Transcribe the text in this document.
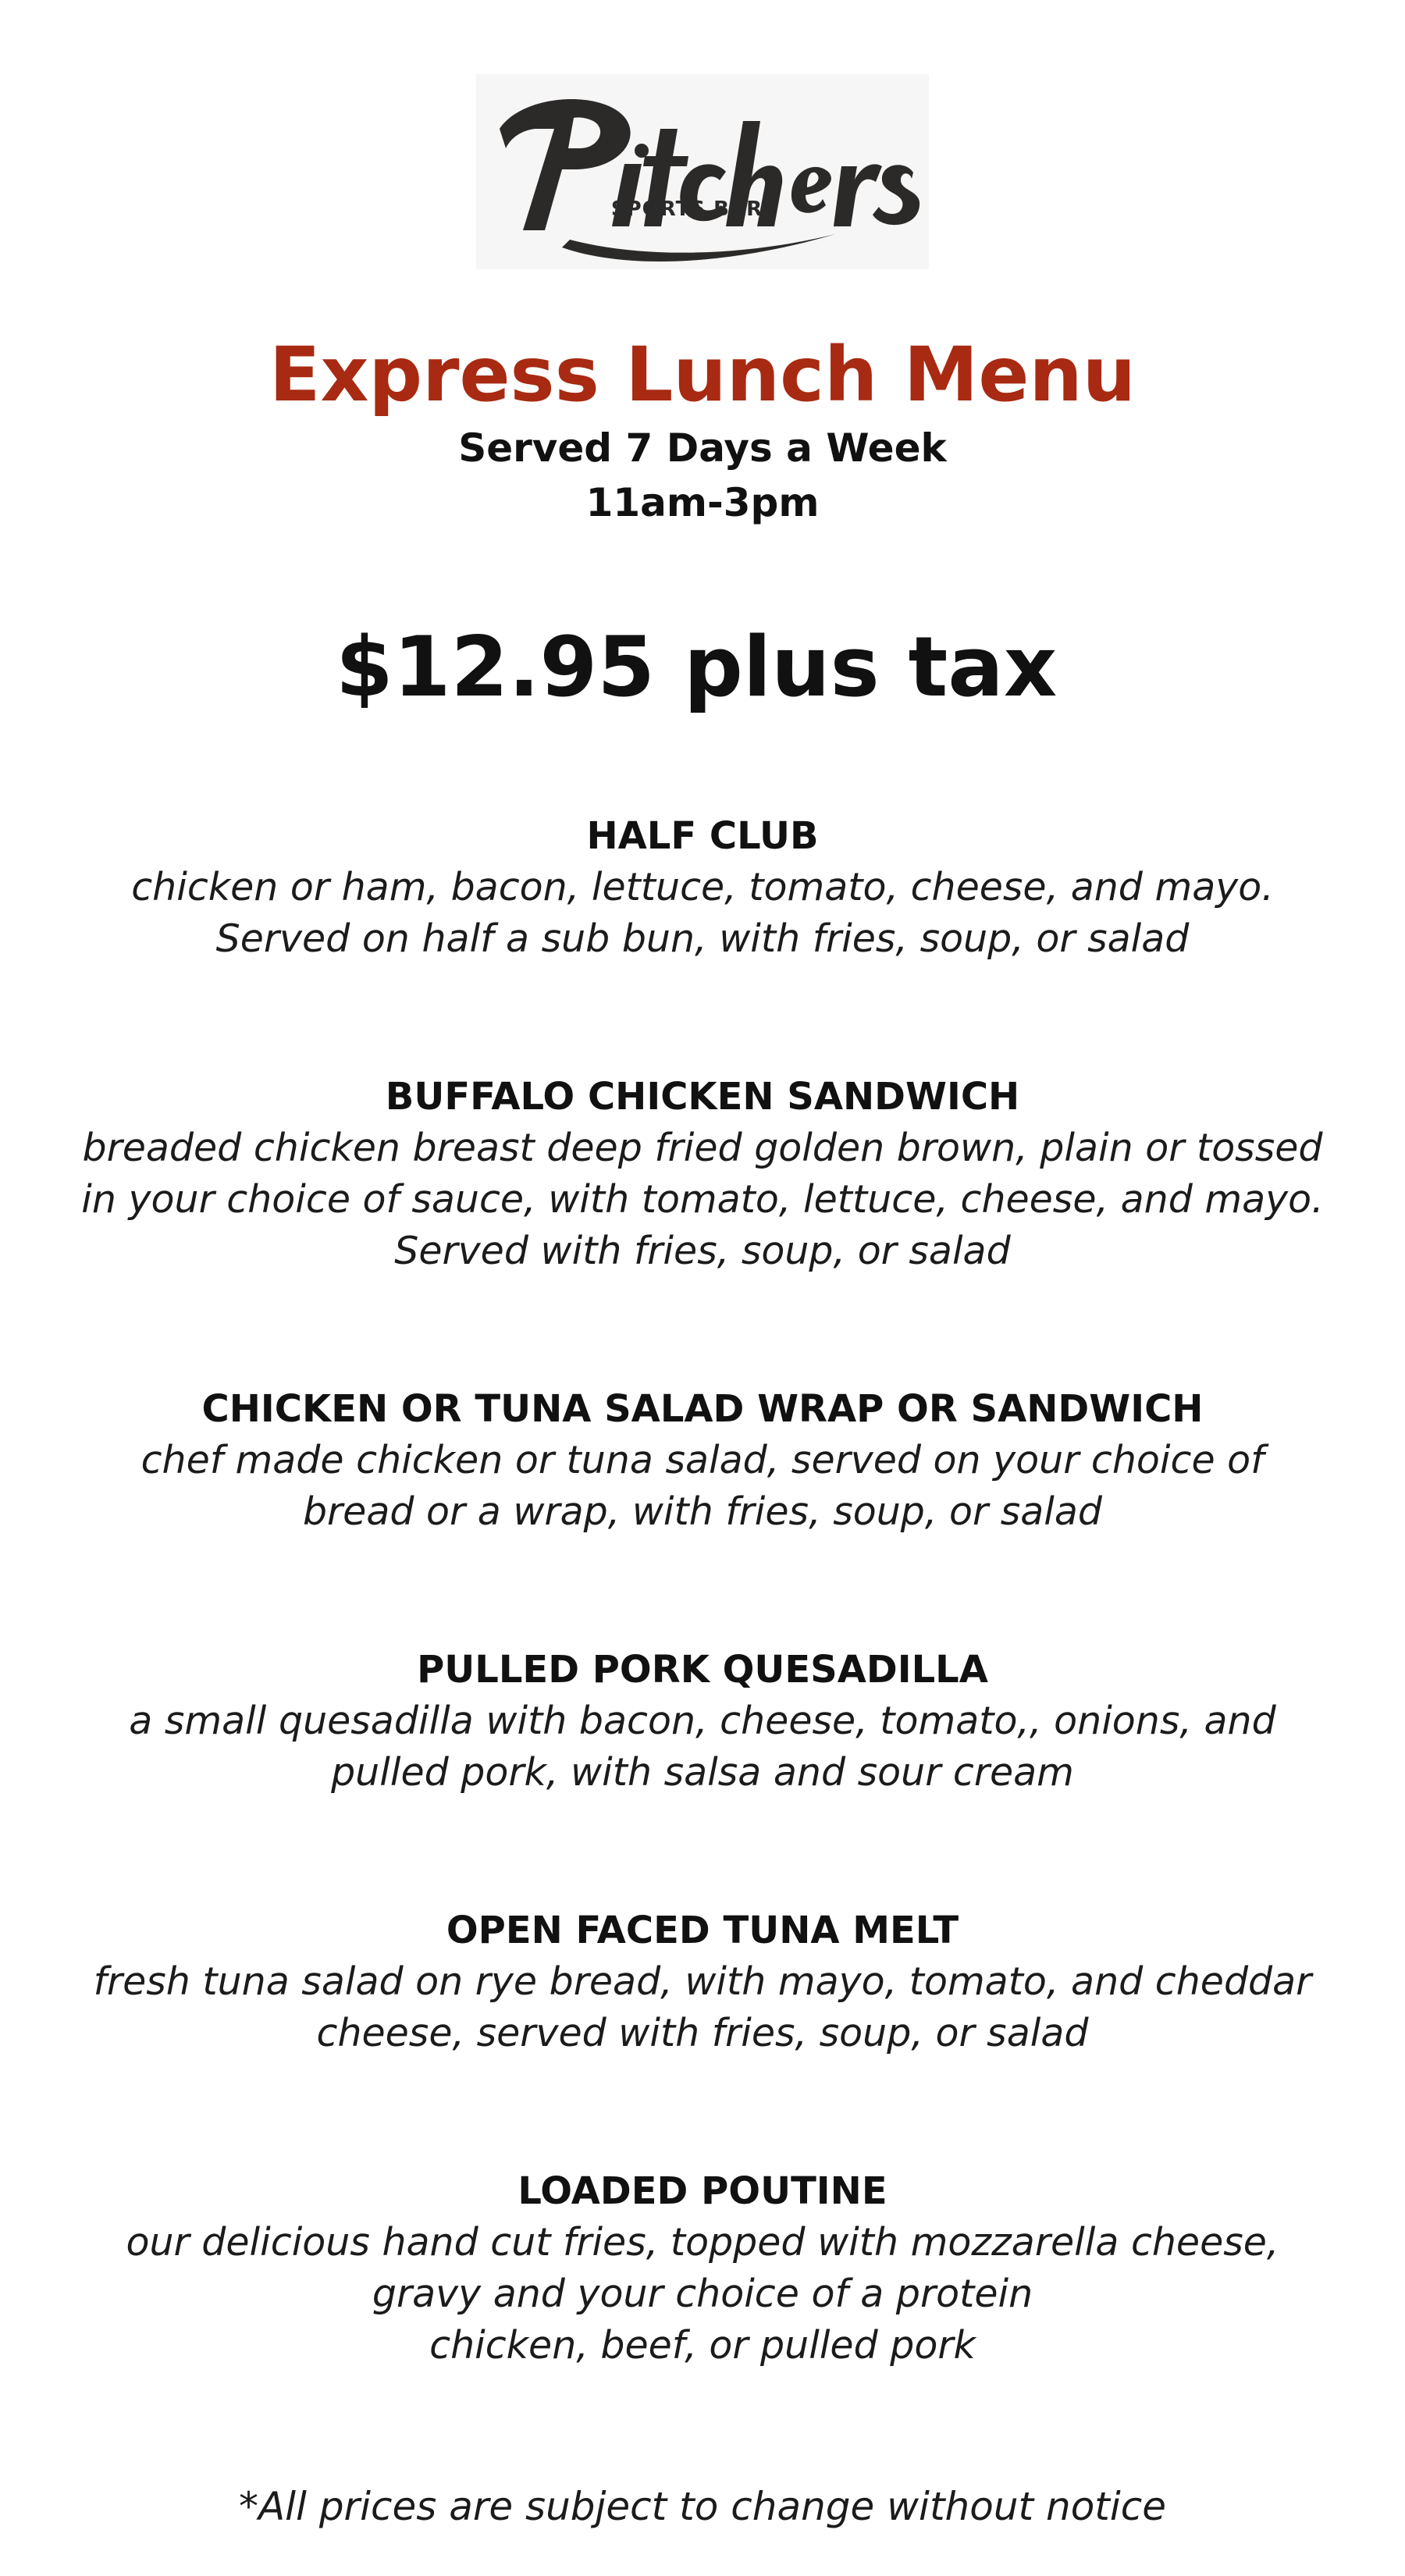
SPORTS BAR
Express Lunch Menu
Served 7 Days a Week
11am-3pm
$12.95 plus tax
HALF CLUB
chicken or ham, bacon, lettuce, tomato, cheese, and mayo.
Served on half a sub bun, with fries, soup, or salad
BUFFALO CHICKEN SANDWICH
breaded chicken breast deep fried golden brown, plain or tossed
in your choice of sauce, with tomato, lettuce, cheese, and mayo.
Served with fries, soup, or salad
CHICKEN OR TUNA SALAD WRAP OR SANDWICH
chef made chicken or tuna salad, served on your choice of
bread or a wrap, with fries, soup, or salad
PULLED PORK QUESADILLA
a small quesadilla with bacon, cheese, tomato,, onions, and
pulled pork, with salsa and sour cream
OPEN FACED TUNA MELT
fresh tuna salad on rye bread, with mayo, tomato, and cheddar
cheese, served with fries, soup, or salad
LOADED POUTINE
our delicious hand cut fries, topped with mozzarella cheese,
gravy and your choice of a protein
chicken, beef, or pulled pork
*All prices are subject to change without notice
